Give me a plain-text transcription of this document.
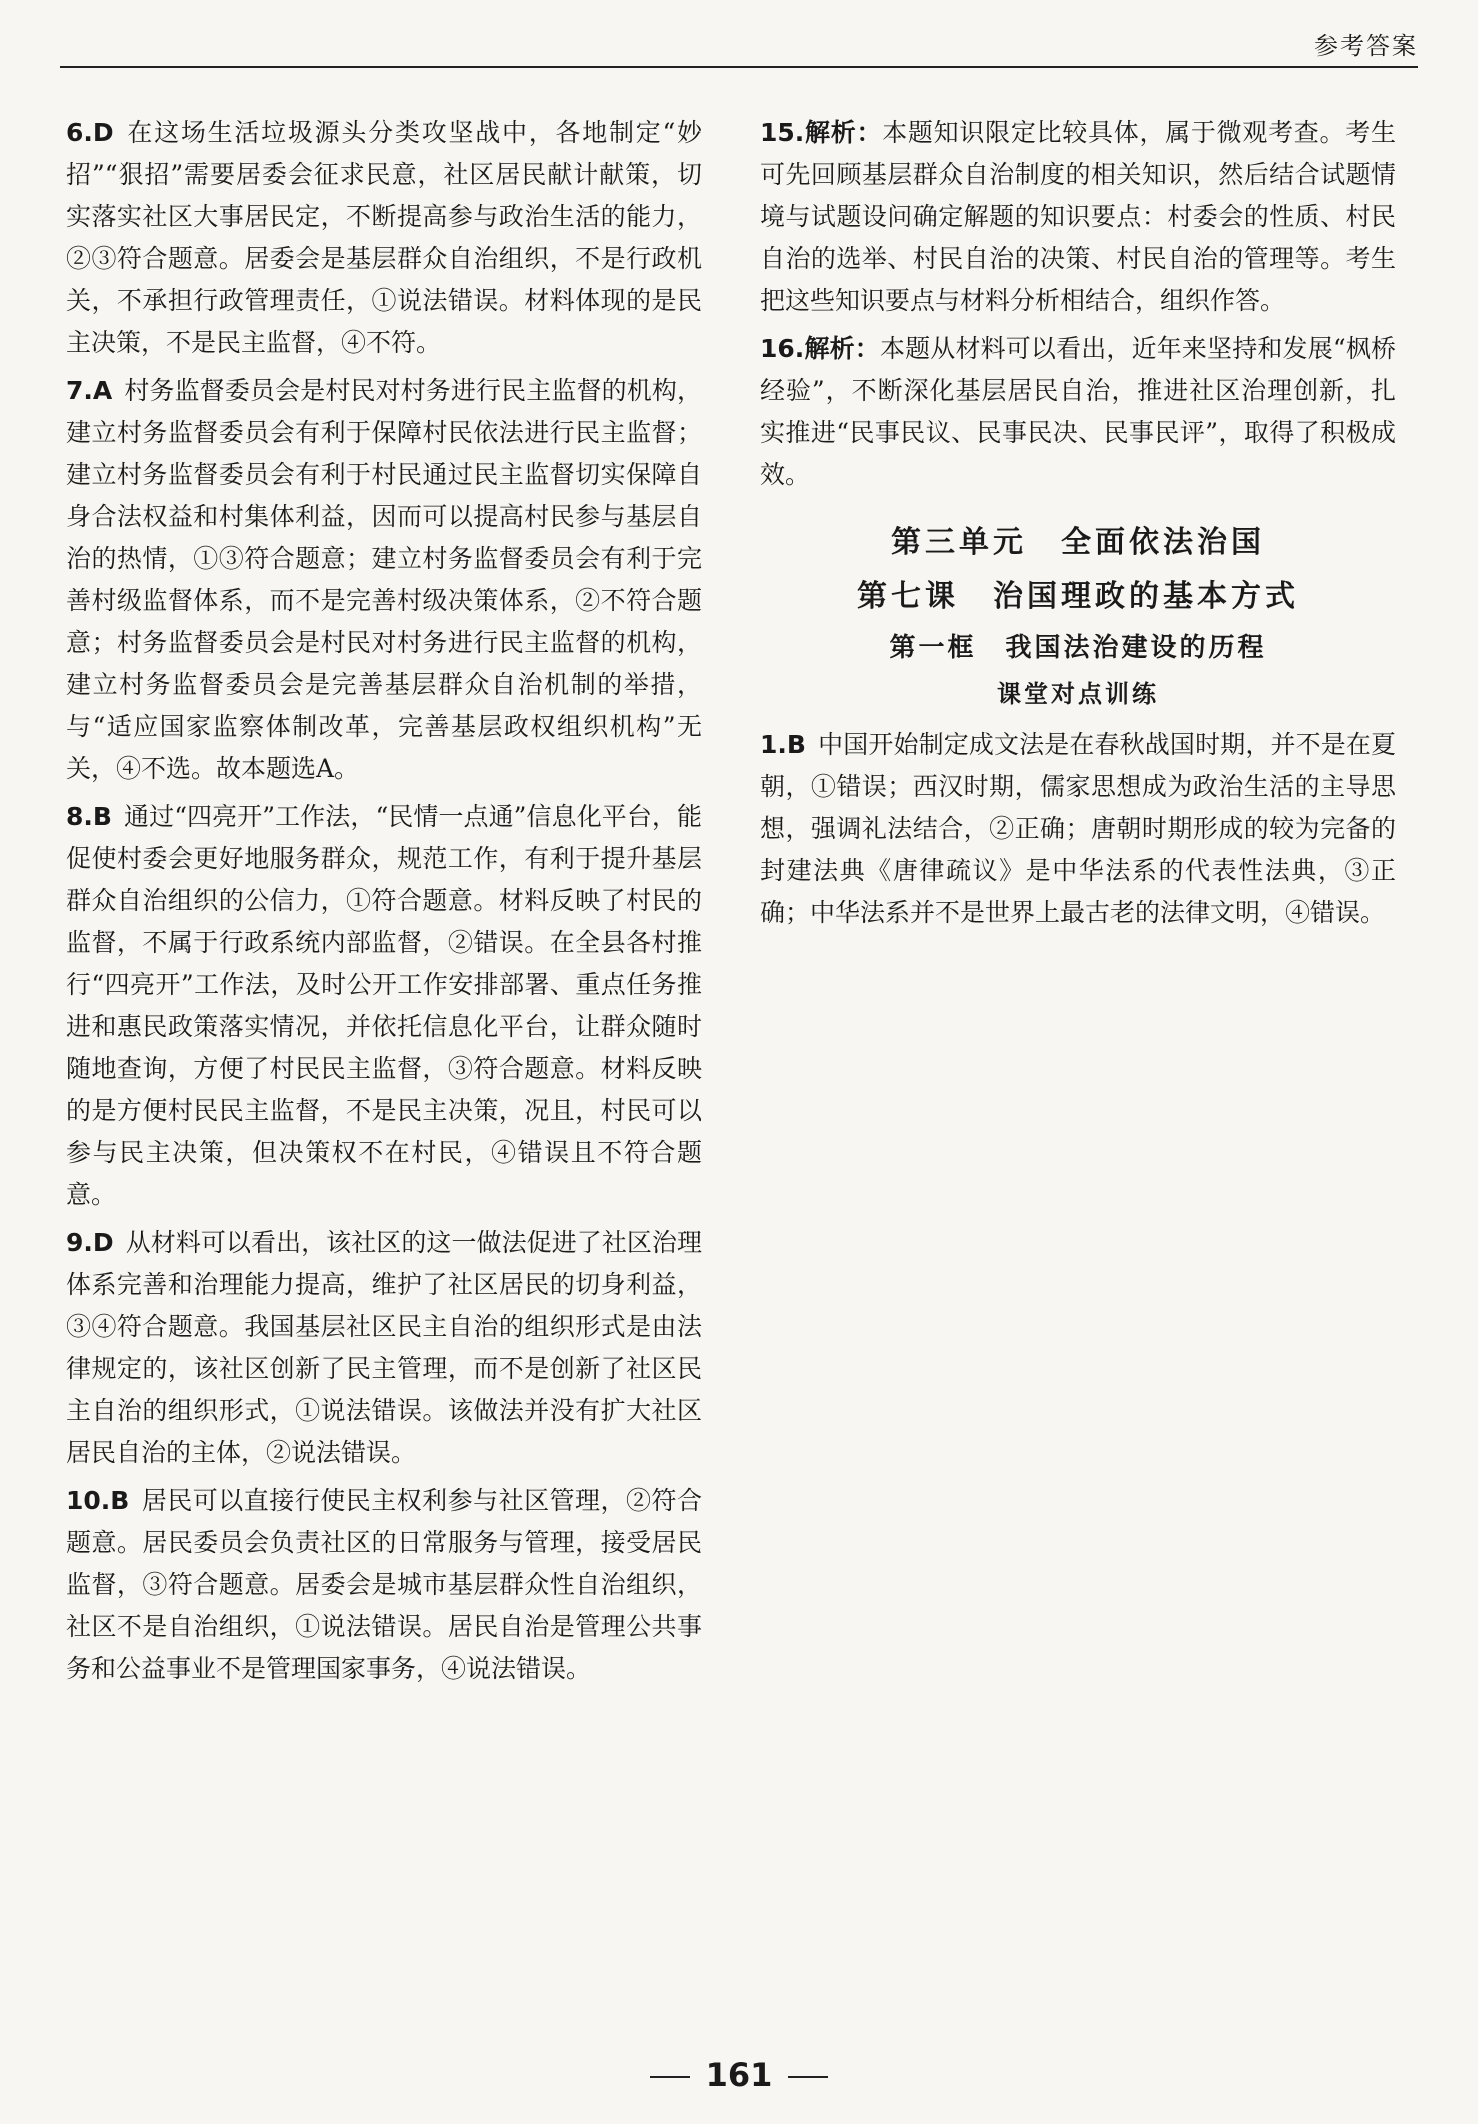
参考答案

6.D 在这场生活垃圾源头分类攻坚战中，各地制定“妙招”“狠招”需要居委会征求民意，社区居民献计献策，切实落实社区大事居民定，不断提高参与政治生活的能力，②③符合题意。居委会是基层群众自治组织，不是行政机关，不承担行政管理责任，①说法错误。材料体现的是民主决策，不是民主监督，④不符。

7.A 村务监督委员会是村民对村务进行民主监督的机构，建立村务监督委员会有利于保障村民依法进行民主监督；建立村务监督委员会有利于村民通过民主监督切实保障自身合法权益和村集体利益，因而可以提高村民参与基层自治的热情，①③符合题意；建立村务监督委员会有利于完善村级监督体系，而不是完善村级决策体系，②不符合题意；村务监督委员会是村民对村务进行民主监督的机构，建立村务监督委员会是完善基层群众自治机制的举措，与“适应国家监察体制改革，完善基层政权组织机构”无关，④不选。故本题选A。

8.B 通过“四亮开”工作法，“民情一点通”信息化平台，能促使村委会更好地服务群众，规范工作，有利于提升基层群众自治组织的公信力，①符合题意。材料反映了村民的监督，不属于行政系统内部监督，②错误。在全县各村推行“四亮开”工作法，及时公开工作安排部署、重点任务推进和惠民政策落实情况，并依托信息化平台，让群众随时随地查询，方便了村民民主监督，③符合题意。材料反映的是方便村民民主监督，不是民主决策，况且，村民可以参与民主决策，但决策权不在村民，④错误且不符合题意。

9.D 从材料可以看出，该社区的这一做法促进了社区治理体系完善和治理能力提高，维护了社区居民的切身利益，③④符合题意。我国基层社区民主自治的组织形式是由法律规定的，该社区创新了民主管理，而不是创新了社区民主自治的组织形式，①说法错误。该做法并没有扩大社区居民自治的主体，②说法错误。

10.B 居民可以直接行使民主权利参与社区管理，②符合题意。居民委员会负责社区的日常服务与管理，接受居民监督，③符合题意。居委会是城市基层群众性自治组织，社区不是自治组织，①说法错误。居民自治是管理公共事务和公益事业不是管理国家事务，④说法错误。

15.解析：本题知识限定比较具体，属于微观考查。考生可先回顾基层群众自治制度的相关知识，然后结合试题情境与试题设问确定解题的知识要点：村委会的性质、村民自治的选举、村民自治的决策、村民自治的管理等。考生把这些知识要点与材料分析相结合，组织作答。

16.解析：本题从材料可以看出，近年来坚持和发展“枫桥经验”，不断深化基层居民自治，推进社区治理创新，扎实推进“民事民议、民事民决、民事民评”，取得了积极成效。

第三单元　全面依法治国
第七课　治国理政的基本方式
第一框　我国法治建设的历程
课堂对点训练

1.B 中国开始制定成文法是在春秋战国时期，并不是在夏朝，①错误；西汉时期，儒家思想成为政治生活的主导思想，强调礼法结合，②正确；唐朝时期形成的较为完备的封建法典《唐律疏议》是中华法系的代表性法典，③正确；中华法系并不是世界上最古老的法律文明，④错误。

161
